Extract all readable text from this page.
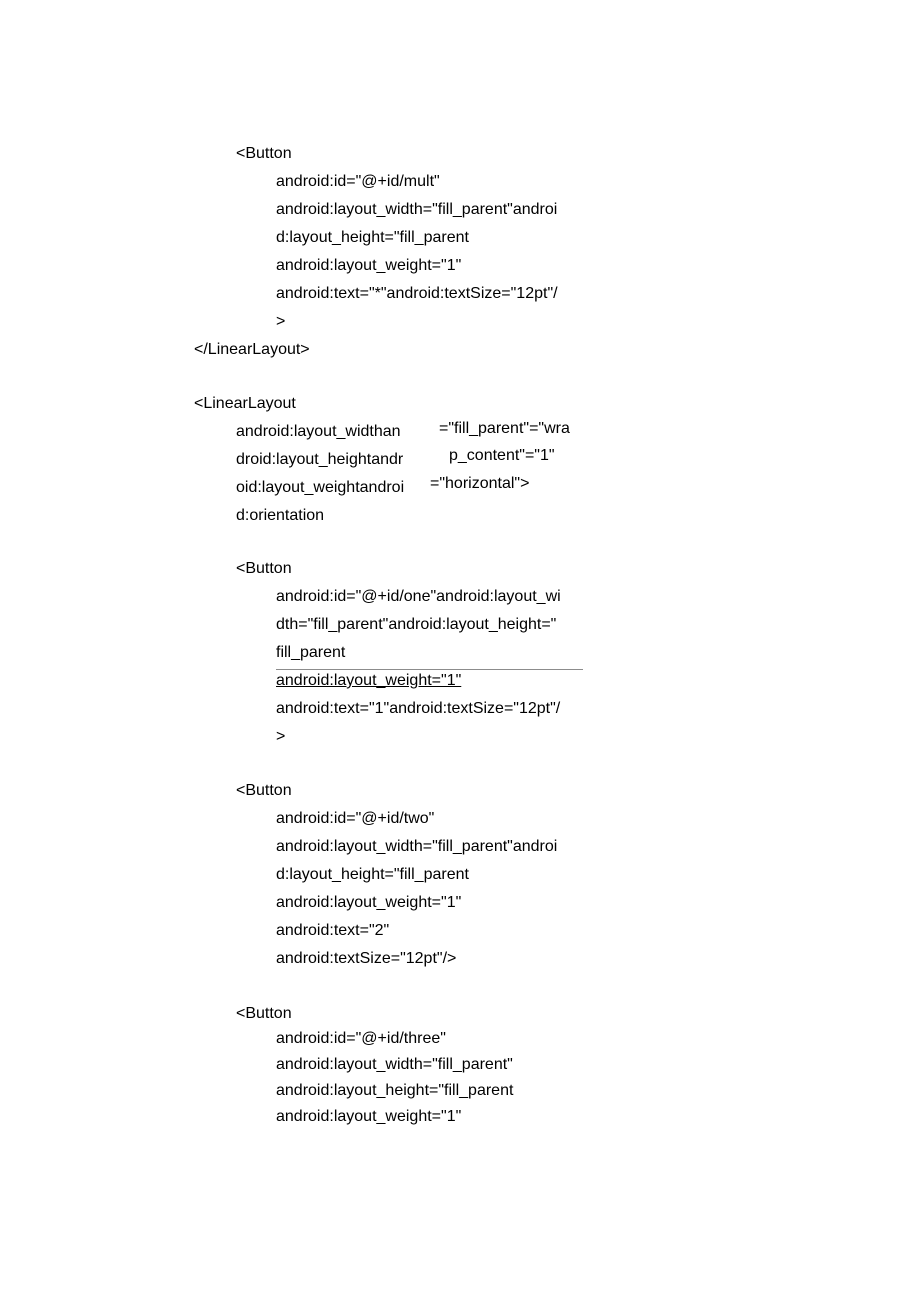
<Button
android:id="@+id/mult"
android:layout_width="fill_parent"androi
d:layout_height="fill_parent
android:layout_weight="1"
android:text="*"android:textSize="12pt"/
>
</LinearLayout>
<LinearLayout
android:layout_widthan
droid:layout_heightandr
oid:layout_weightandroi
d:orientation
="fill_parent"="wra
p_content"="1"
="horizontal">
<Button
android:id="@+id/one"android:layout_wi
dth="fill_parent"android:layout_height="
fill_parent
android:layout_weight="1"
android:text="1"android:textSize="12pt"/
>
<Button
android:id="@+id/two"
android:layout_width="fill_parent"androi
d:layout_height="fill_parent
android:layout_weight="1"
android:text="2"
android:textSize="12pt"/>
<Button
android:id="@+id/three"
android:layout_width="fill_parent"
android:layout_height="fill_parent
android:layout_weight="1"
